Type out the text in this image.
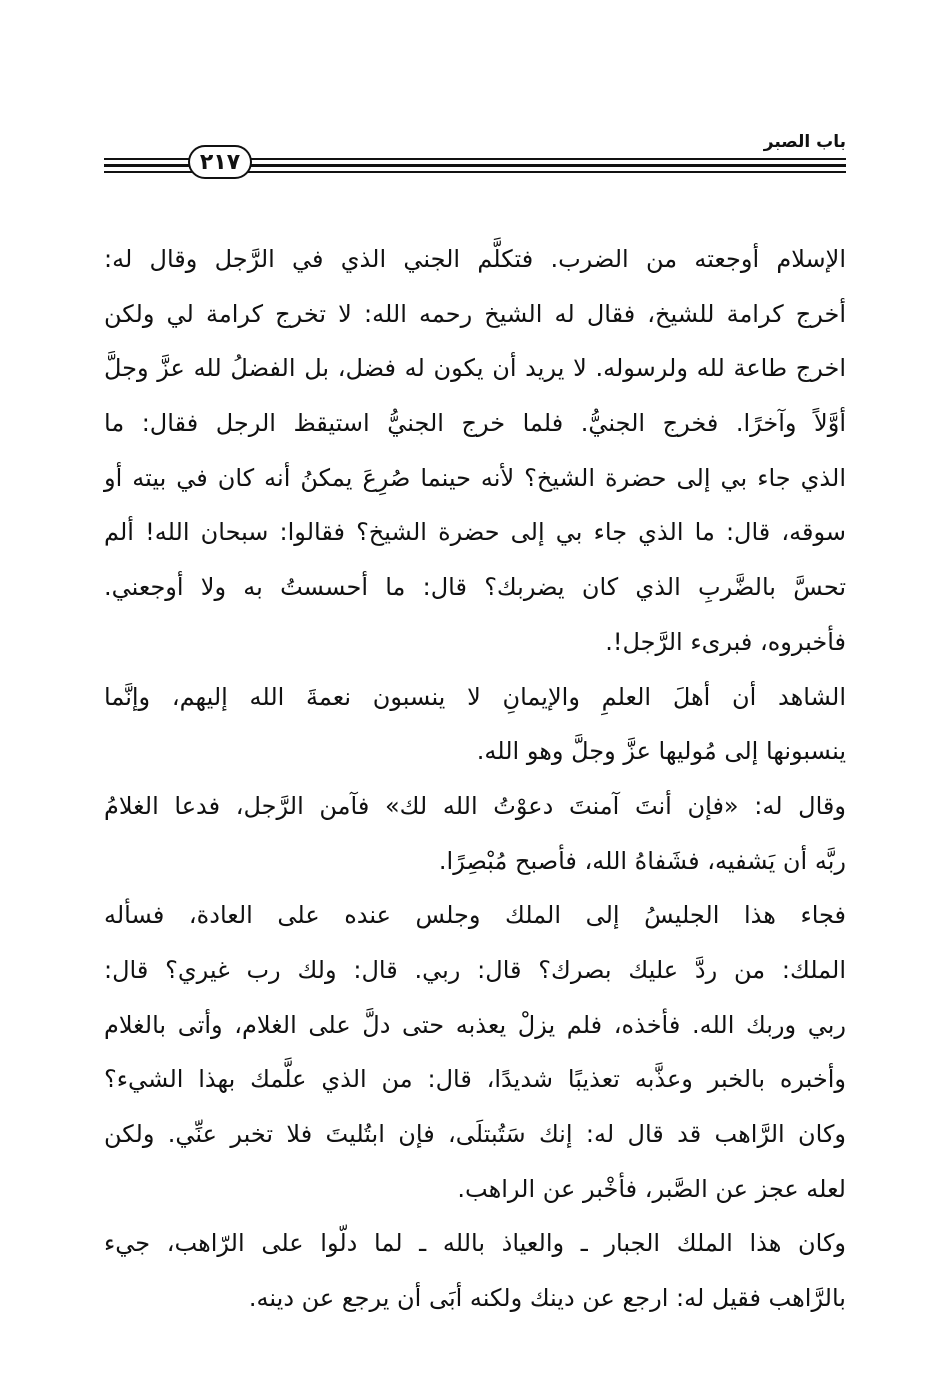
باب الصبر
٢١٧
الإسلام أوجعته من الضرب. فتكلَّم الجني الذي في الرَّجل وقال له:
أخرج كرامة للشيخ، فقال له الشيخ رحمه الله: لا تخرج كرامة لي ولكن
اخرج طاعة لله ولرسوله. لا يريد أن يكون له فضل، بل الفضلُ لله عزَّ وجلَّ
أوَّلاً وآخرًا. فخرج الجنيُّ. فلما خرج الجنيُّ استيقظ الرجل فقال: ما
الذي جاء بي إلى حضرة الشيخ؟ لأنه حينما صُرِعَ يمكنُ أنه كان في بيته أو
سوقه، قال: ما الذي جاء بي إلى حضرة الشيخ؟ فقالوا: سبحان الله! ألم
تحسَّ بالضَّربِ الذي كان يضربك؟ قال: ما أحسستُ به ولا أوجعني.
فأخبروه، فبرىء الرَّجل!.
الشاهد أن أهلَ العلمِ والإيمانِ لا ينسبون نعمةَ الله إليهم، وإنَّما
ينسبونها إلى مُوليها عزَّ وجلَّ وهو الله.
وقال له: «فإن أنتَ آمنتَ دعوْتُ الله لك» فآمن الرَّجل، فدعا الغلامُ
ربَّه أن يَشفيه، فشَفاهُ الله، فأصبح مُبْصِرًا.
فجاء هذا الجليسُ إلى الملك وجلس عنده على العادة، فسأله
الملك: من ردَّ عليك بصرك؟ قال: ربي. قال: ولك رب غيري؟ قال:
ربي وربك الله. فأخذه، فلم يزلْ يعذبه حتى دلَّ على الغلام، وأتى بالغلام
وأخبره بالخبر وعذَّبه تعذيبًا شديدًا، قال: من الذي علَّمك بهذا الشيء؟
وكان الرَّاهب قد قال له: إنك سَتُبتلَى، فإن ابتُليتَ فلا تخبر عنِّي. ولكن
لعله عجز عن الصَّبر، فأخْبر عن الراهب.
وكان هذا الملك الجبار ـ والعياذ بالله ـ لما دلّوا على الرّاهب، جيء
بالرَّاهب فقيل له: ارجع عن دينك ولكنه أبَى أن يرجع عن دينه.
